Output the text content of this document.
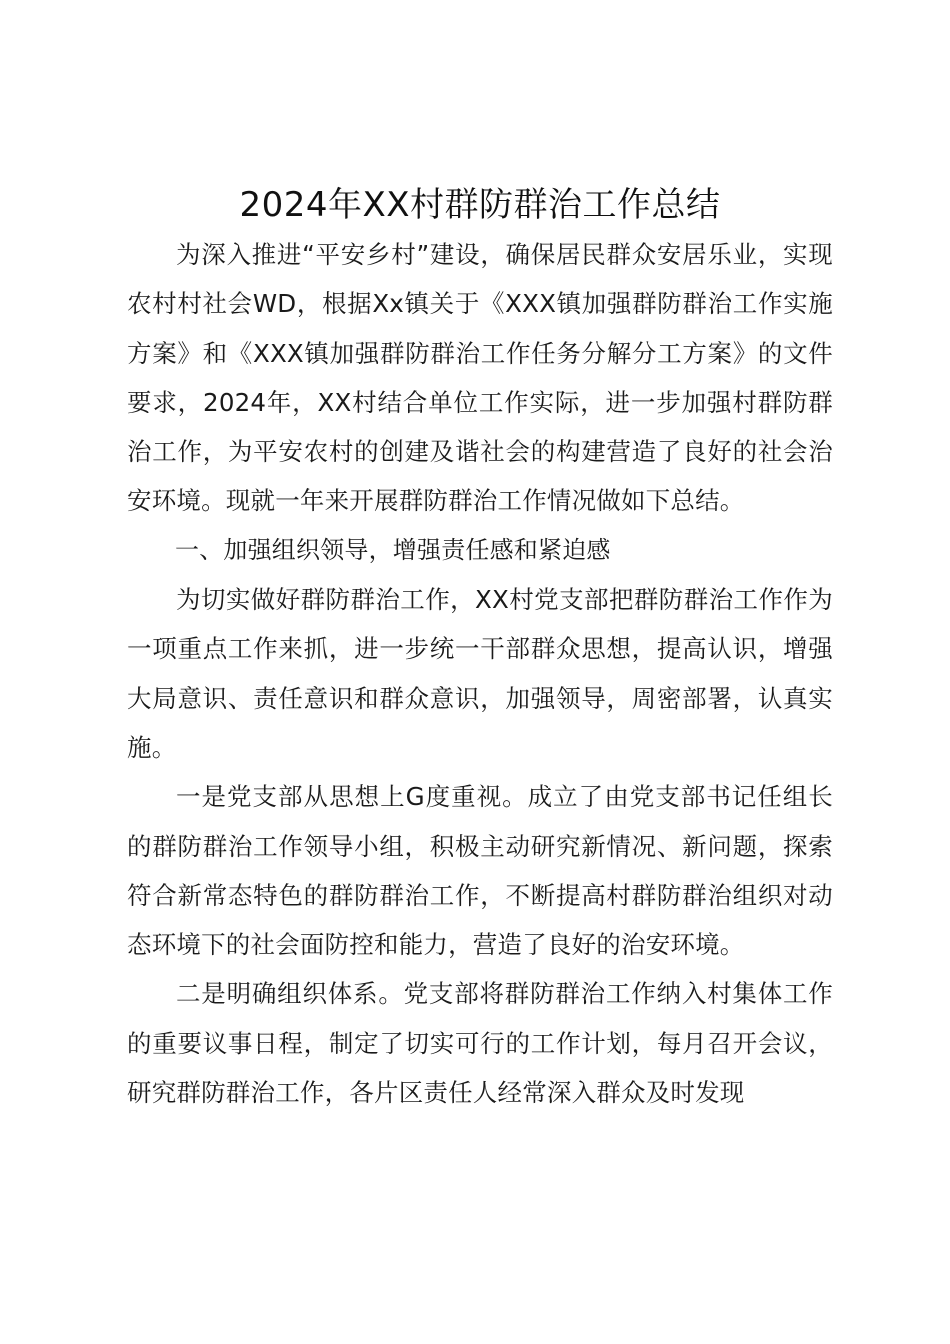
2024年XX村群防群治工作总结

为深入推进“平安乡村”建设，确保居民群众安居乐业，实现农村村社会WD，根据Xx镇关于《XXX镇加强群防群治工作实施方案》和《XXX镇加强群防群治工作任务分解分工方案》的文件要求，2024年，XX村结合单位工作实际，进一步加强村群防群治工作，为平安农村的创建及谐社会的构建营造了良好的社会治安环境。现就一年来开展群防群治工作情况做如下总结。

一、加强组织领导，增强责任感和紧迫感

为切实做好群防群治工作，XX村党支部把群防群治工作作为一项重点工作来抓，进一步统一干部群众思想，提高认识，增强大局意识、责任意识和群众意识，加强领导，周密部署，认真实施。

一是党支部从思想上G度重视。成立了由党支部书记任组长的群防群治工作领导小组，积极主动研究新情况、新问题，探索符合新常态特色的群防群治工作，不断提高村群防群治组织对动态环境下的社会面防控和能力，营造了良好的治安环境。

二是明确组织体系。党支部将群防群治工作纳入村集体工作的重要议事日程，制定了切实可行的工作计划，每月召开会议，研究群防群治工作，各片区责任人经常深入群众及时发现
